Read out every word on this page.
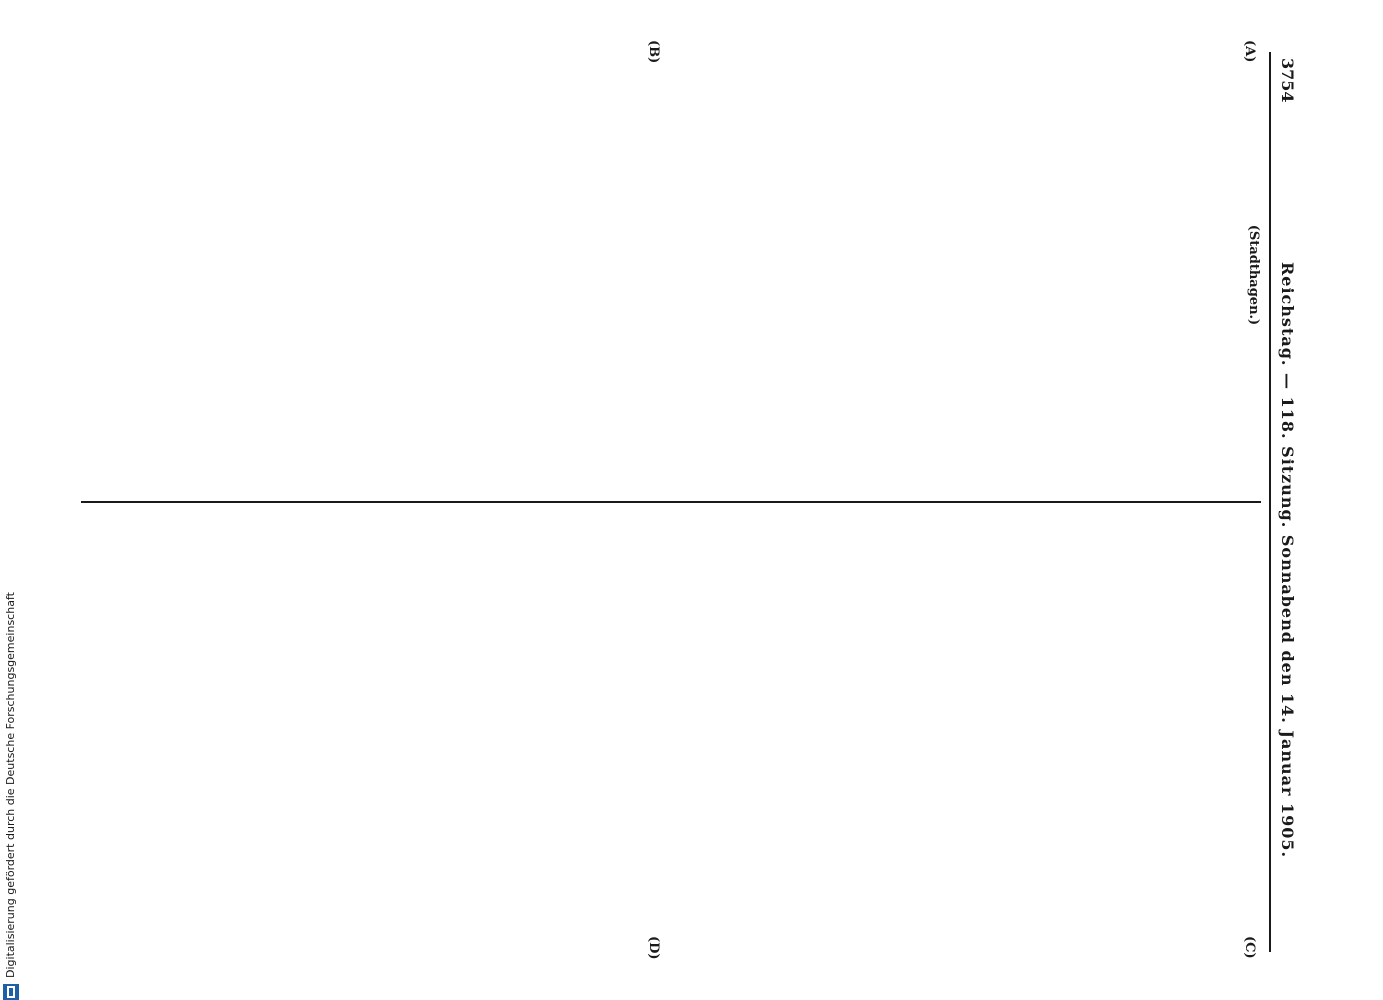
3754
Reichstag. — 118. Sitzung. Sonnabend den 14. Januar 1905.
(A)
(B)
(C)
(D)
(Stadthagen.)
Digitalisierung gefördert durch die Deutsche Forschungsgemeinschaft
